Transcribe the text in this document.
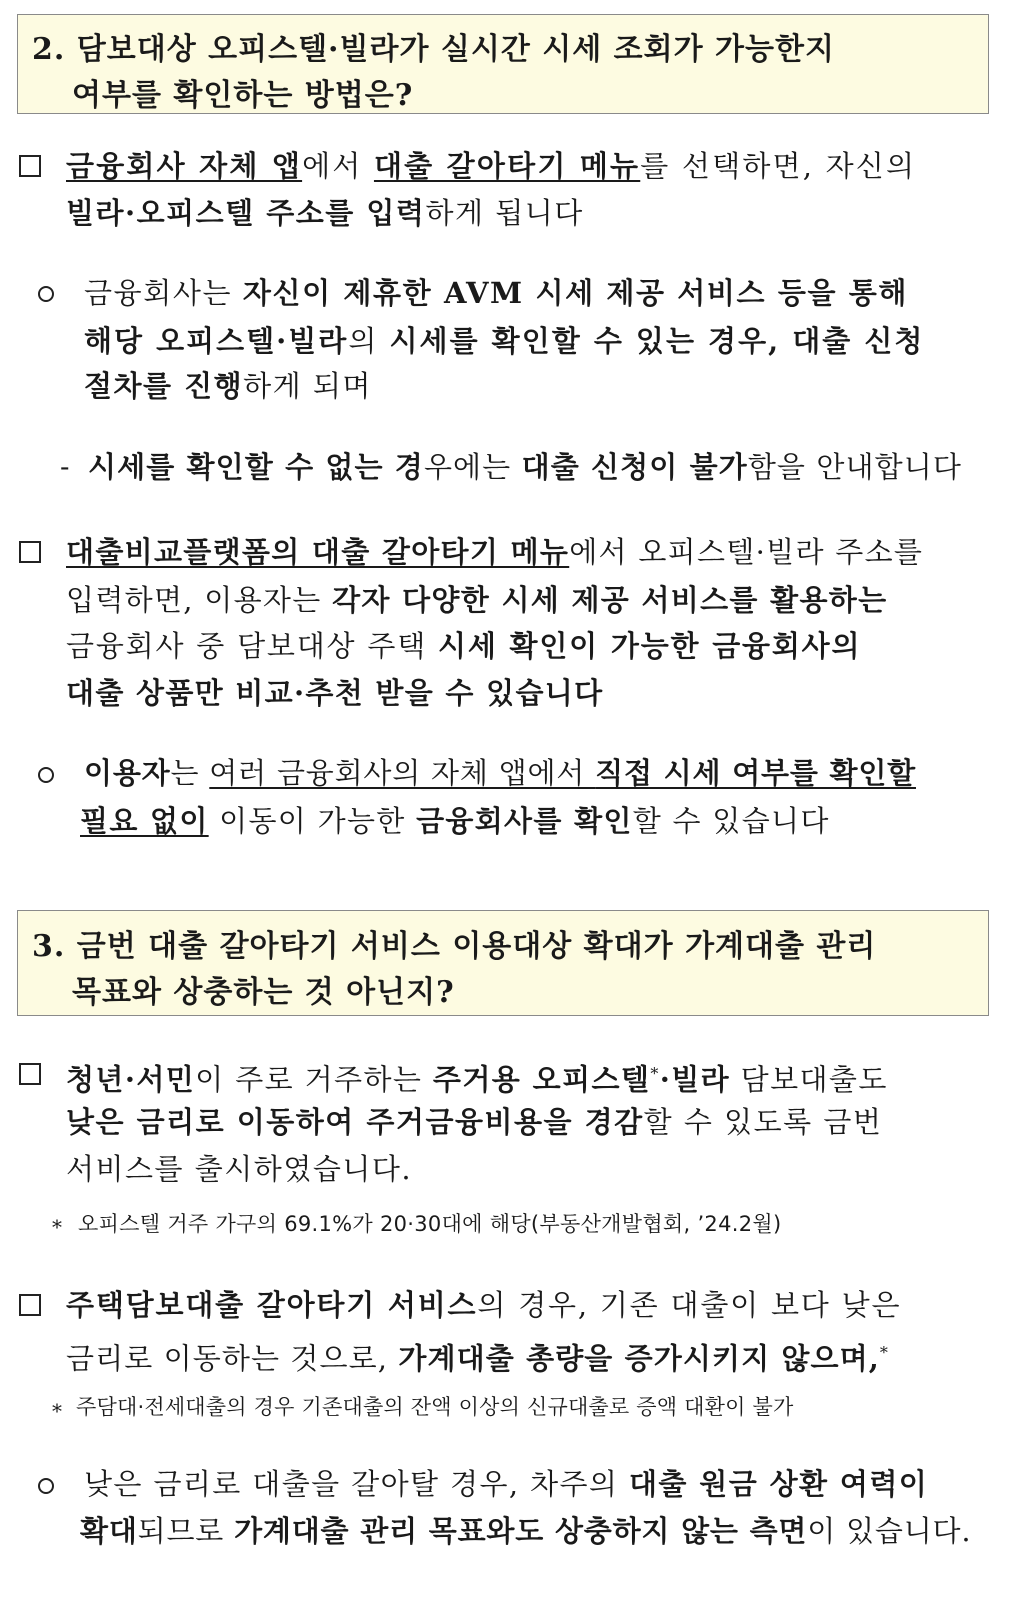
2. 담보대상 오피스텔·빌라가 실시간 시세 조회가 가능한지
여부를 확인하는 방법은?
금융회사 자체 앱에서 대출 갈아타기 메뉴를 선택하면, 자신의
빌라·오피스텔 주소를 입력하게 됩니다
금융회사는 자신이 제휴한 AVM 시세 제공 서비스 등을 통해
해당 오피스텔·빌라의 시세를 확인할 수 있는 경우, 대출 신청
절차를 진행하게 되며
- 시세를 확인할 수 없는 경우에는 대출 신청이 불가함을 안내합니다
대출비교플랫폼의 대출 갈아타기 메뉴에서 오피스텔·빌라 주소를
입력하면, 이용자는 각자 다양한 시세 제공 서비스를 활용하는
금융회사 중 담보대상 주택 시세 확인이 가능한 금융회사의
대출 상품만 비교·추천 받을 수 있습니다
이용자는 여러 금융회사의 자체 앱에서 직접 시세 여부를 확인할
필요 없이 이동이 가능한 금융회사를 확인할 수 있습니다
3. 금번 대출 갈아타기 서비스 이용대상 확대가 가계대출 관리
목표와 상충하는 것 아닌지?
청년·서민이 주로 거주하는 주거용 오피스텔*·빌라 담보대출도
낮은 금리로 이동하여 주거금융비용을 경감할 수 있도록 금번
서비스를 출시하였습니다.
* 오피스텔 거주 가구의 69.1%가 20·30대에 해당(부동산개발협회, ’24.2월)
주택담보대출 갈아타기 서비스의 경우, 기존 대출이 보다 낮은
금리로 이동하는 것으로, 가계대출 총량을 증가시키지 않으며,*
* 주담대·전세대출의 경우 기존대출의 잔액 이상의 신규대출로 증액 대환이 불가
낮은 금리로 대출을 갈아탈 경우, 차주의 대출 원금 상환 여력이
확대되므로 가계대출 관리 목표와도 상충하지 않는 측면이 있습니다.
